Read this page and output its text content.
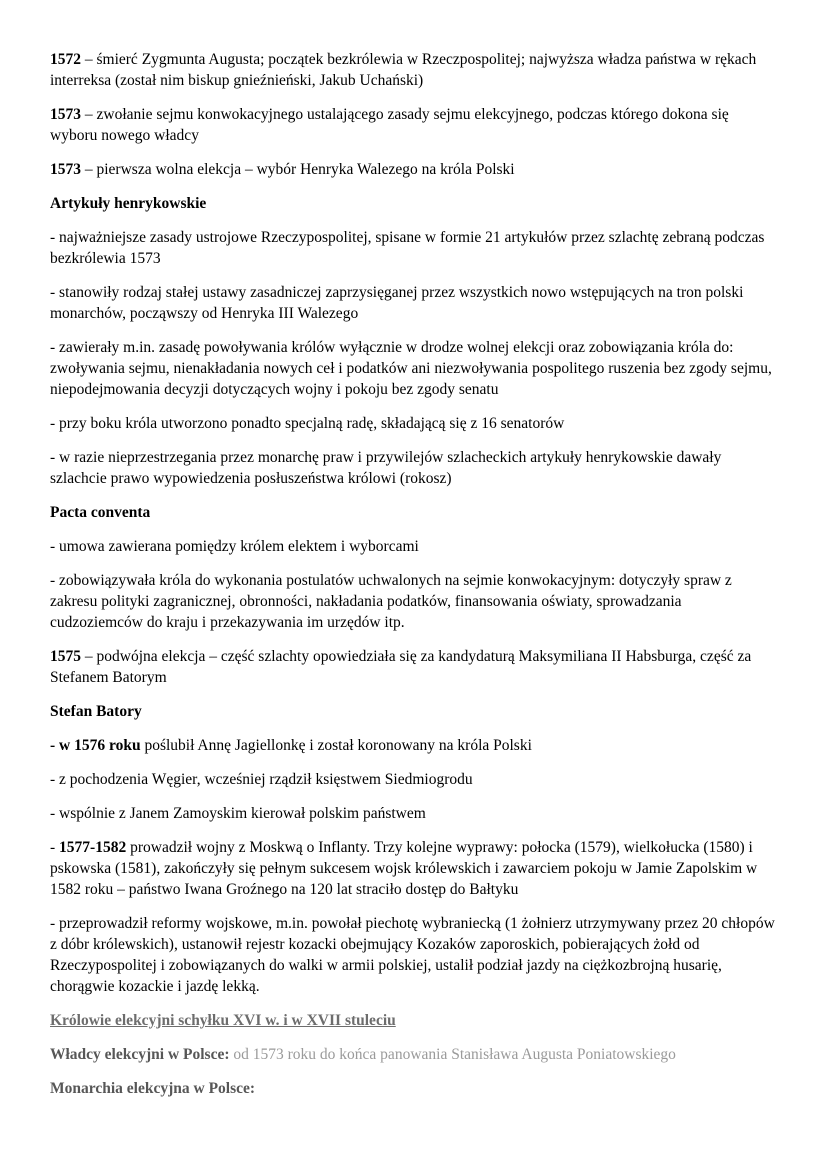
1572 – śmierć Zygmunta Augusta; początek bezkrólewia w Rzeczpospolitej; najwyższa władza państwa w rękach interreksa (został nim biskup gnieźnieński, Jakub Uchański)

1573 – zwołanie sejmu konwokacyjnego ustalającego zasady sejmu elekcyjnego, podczas którego dokona się wyboru nowego władcy

1573 – pierwsza wolna elekcja – wybór Henryka Walezego na króla Polski

Artykuły henrykowskie

- najważniejsze zasady ustrojowe Rzeczypospolitej, spisane w formie 21 artykułów przez szlachtę zebraną podczas bezkrólewia 1573

- stanowiły rodzaj stałej ustawy zasadniczej zaprzysięganej przez wszystkich nowo wstępujących na tron polski monarchów, począwszy od Henryka III Walezego

- zawierały m.in. zasadę powoływania królów wyłącznie w drodze wolnej elekcji oraz zobowiązania króla do: zwoływania sejmu, nienakładania nowych ceł i podatków ani niezwoływania pospolitego ruszenia bez zgody sejmu, niepodejmowania decyzji dotyczących wojny i pokoju bez zgody senatu

- przy boku króla utworzono ponadto specjalną radę, składającą się z 16 senatorów

- w razie nieprzestrzegania przez monarchę praw i przywilejów szlacheckich artykuły henrykowskie dawały szlachcie prawo wypowiedzenia posłuszeństwa królowi (rokosz)

Pacta conventa

- umowa zawierana pomiędzy królem elektem i wyborcami

- zobowiązywała króla do wykonania postulatów uchwalonych na sejmie konwokacyjnym: dotyczyły spraw z zakresu polityki zagranicznej, obronności, nakładania podatków, finansowania oświaty, sprowadzania cudzoziemców do kraju i przekazywania im urzędów itp.

1575 – podwójna elekcja – część szlachty opowiedziała się za kandydaturą Maksymiliana II Habsburga, część za Stefanem Batorym

Stefan Batory

- w 1576 roku poślubił Annę Jagiellonkę i został koronowany na króla Polski

- z pochodzenia Węgier, wcześniej rządził księstwem Siedmiogrodu

- wspólnie z Janem Zamoyskim kierował polskim państwem

- 1577-1582 prowadził wojny z Moskwą o Inflanty. Trzy kolejne wyprawy: połocka (1579), wielkołucka (1580) i pskowska (1581), zakończyły się pełnym sukcesem wojsk królewskich i zawarciem pokoju w Jamie Zapolskim w 1582 roku – państwo Iwana Groźnego na 120 lat straciło dostęp do Bałtyku

- przeprowadził reformy wojskowe, m.in. powołał piechotę wybraniecką (1 żołnierz utrzymywany przez 20 chłopów z dóbr królewskich), ustanowił rejestr kozacki obejmujący Kozaków zaporoskich, pobierających żołd od Rzeczypospolitej i zobowiązanych do walki w armii polskiej, ustalił podział jazdy na ciężkozbrojną husarię, chorągwie kozackie i jazdę lekką.

Królowie elekcyjni schyłku XVI w. i w XVII stuleciu

Władcy elekcyjni w Polsce: od 1573 roku do końca panowania Stanisława Augusta Poniatowskiego

Monarchia elekcyjna w Polsce:
